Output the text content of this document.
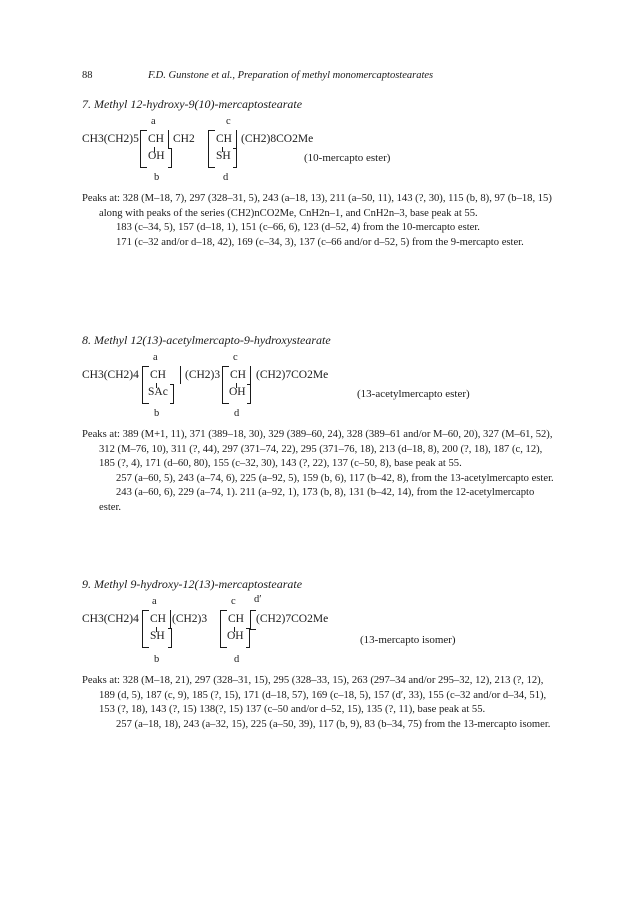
88	F.D. Gunstone et al., Preparation of methyl monomercaptostearates

7. Methyl 12-hydroxy-9(10)-mercaptostearate

a	c
CH3(CH2)5 CH CH2 CH (CH2)8CO2Me
OH	SH	(10-mercapto ester)
b	d

Peaks at: 328 (M–18, 7), 297 (328–31, 5), 243 (a–18, 13), 211 (a–50, 11), 143 (?, 30), 115 (b, 8), 97 (b–18, 15) along with peaks of the series (CH2)nCO2Me, CnH2n–1, and CnH2n–3, base peak at 55.

183 (c–34, 5), 157 (d–18, 1), 151 (c–66, 6), 123 (d–52, 4) from the 10-mercapto ester.

171 (c–32 and/or d–18, 42), 169 (c–34, 3), 137 (c–66 and/or d–52, 5) from the 9-mercapto ester.

8. Methyl 12(13)-acetylmercapto-9-hydroxystearate

a	c
CH3(CH2)4 CH (CH2)3 CH (CH2)7CO2Me
SAc	OH	(13-acetylmercapto ester)
b	d

Peaks at: 389 (M+1, 11), 371 (389–18, 30), 329 (389–60, 24), 328 (389–61 and/or M–60, 20), 327 (M–61, 52), 312 (M–76, 10), 311 (?, 44), 297 (371–74, 22), 295 (371–76, 18), 213 (d–18, 8), 200 (?, 18), 187 (c, 12), 185 (?, 4), 171 (d–60, 80), 155 (c–32, 30), 143 (?, 22), 137 (c–50, 8), base peak at 55.

257 (a–60, 5), 243 (a–74, 6), 225 (a–92, 5), 159 (b, 6), 117 (b–42, 8), from the 13-acetylmercapto ester.

243 (a–60, 6), 229 (a–74, 1). 211 (a–92, 1), 173 (b, 8), 131 (b–42, 14), from the 12-acetylmercapto ester.

9. Methyl 9-hydroxy-12(13)-mercaptostearate

a	c d′
CH3(CH2)4 CH (CH2)3 CH (CH2)7CO2Me
SH	OH	(13-mercapto isomer)
b	d

Peaks at: 328 (M–18, 21), 297 (328–31, 15), 295 (328–33, 15), 263 (297–34 and/or 295–32, 12), 213 (?, 12), 189 (d, 5), 187 (c, 9), 185 (?, 15), 171 (d–18, 57), 169 (c–18, 5), 157 (d′, 33), 155 (c–32 and/or d–34, 51), 153 (?, 18), 143 (?, 15) 138(?, 15) 137 (c–50 and/or d–52, 15), 135 (?, 11), base peak at 55.

257 (a–18, 18), 243 (a–32, 15), 225 (a–50, 39), 117 (b, 9), 83 (b–34, 75) from the 13-mercapto isomer.
